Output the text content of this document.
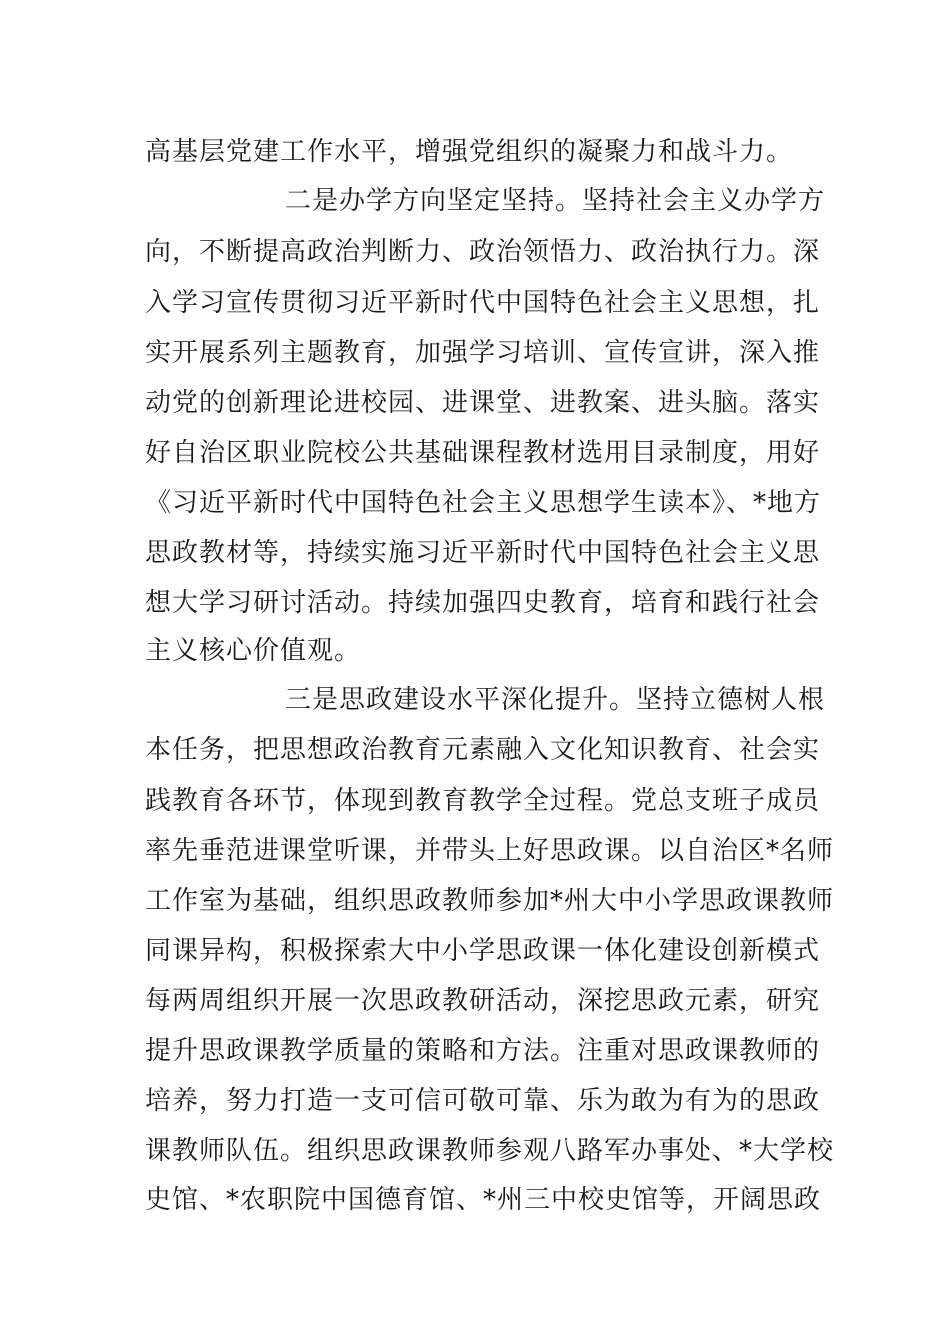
高基层党建工作水平，增强党组织的凝聚力和战斗力。

二是办学方向坚定坚持。坚持社会主义办学方

向，不断提高政治判断力、政治领悟力、政治执行力。深

入学习宣传贯彻习近平新时代中国特色社会主义思想，扎

实开展系列主题教育，加强学习培训、宣传宣讲，深入推

动党的创新理论进校园、进课堂、进教案、进头脑。落实

好自治区职业院校公共基础课程教材选用目录制度，用好

《习近平新时代中国特色社会主义思想学生读本》、*地方

思政教材等，持续实施习近平新时代中国特色社会主义思

想大学习研讨活动。持续加强四史教育，培育和践行社会

主义核心价值观。

三是思政建设水平深化提升。坚持立德树人根

本任务，把思想政治教育元素融入文化知识教育、社会实

践教育各环节，体现到教育教学全过程。党总支班子成员

率先垂范进课堂听课，并带头上好思政课。以自治区*名师

工作室为基础，组织思政教师参加*州大中小学思政课教师

同课异构，积极探索大中小学思政课一体化建设创新模式

每两周组织开展一次思政教研活动，深挖思政元素，研究

提升思政课教学质量的策略和方法。注重对思政课教师的

培养，努力打造一支可信可敬可靠、乐为敢为有为的思政

课教师队伍。组织思政课教师参观八路军办事处、*大学校

史馆、*农职院中国德育馆、*州三中校史馆等，开阔思政
